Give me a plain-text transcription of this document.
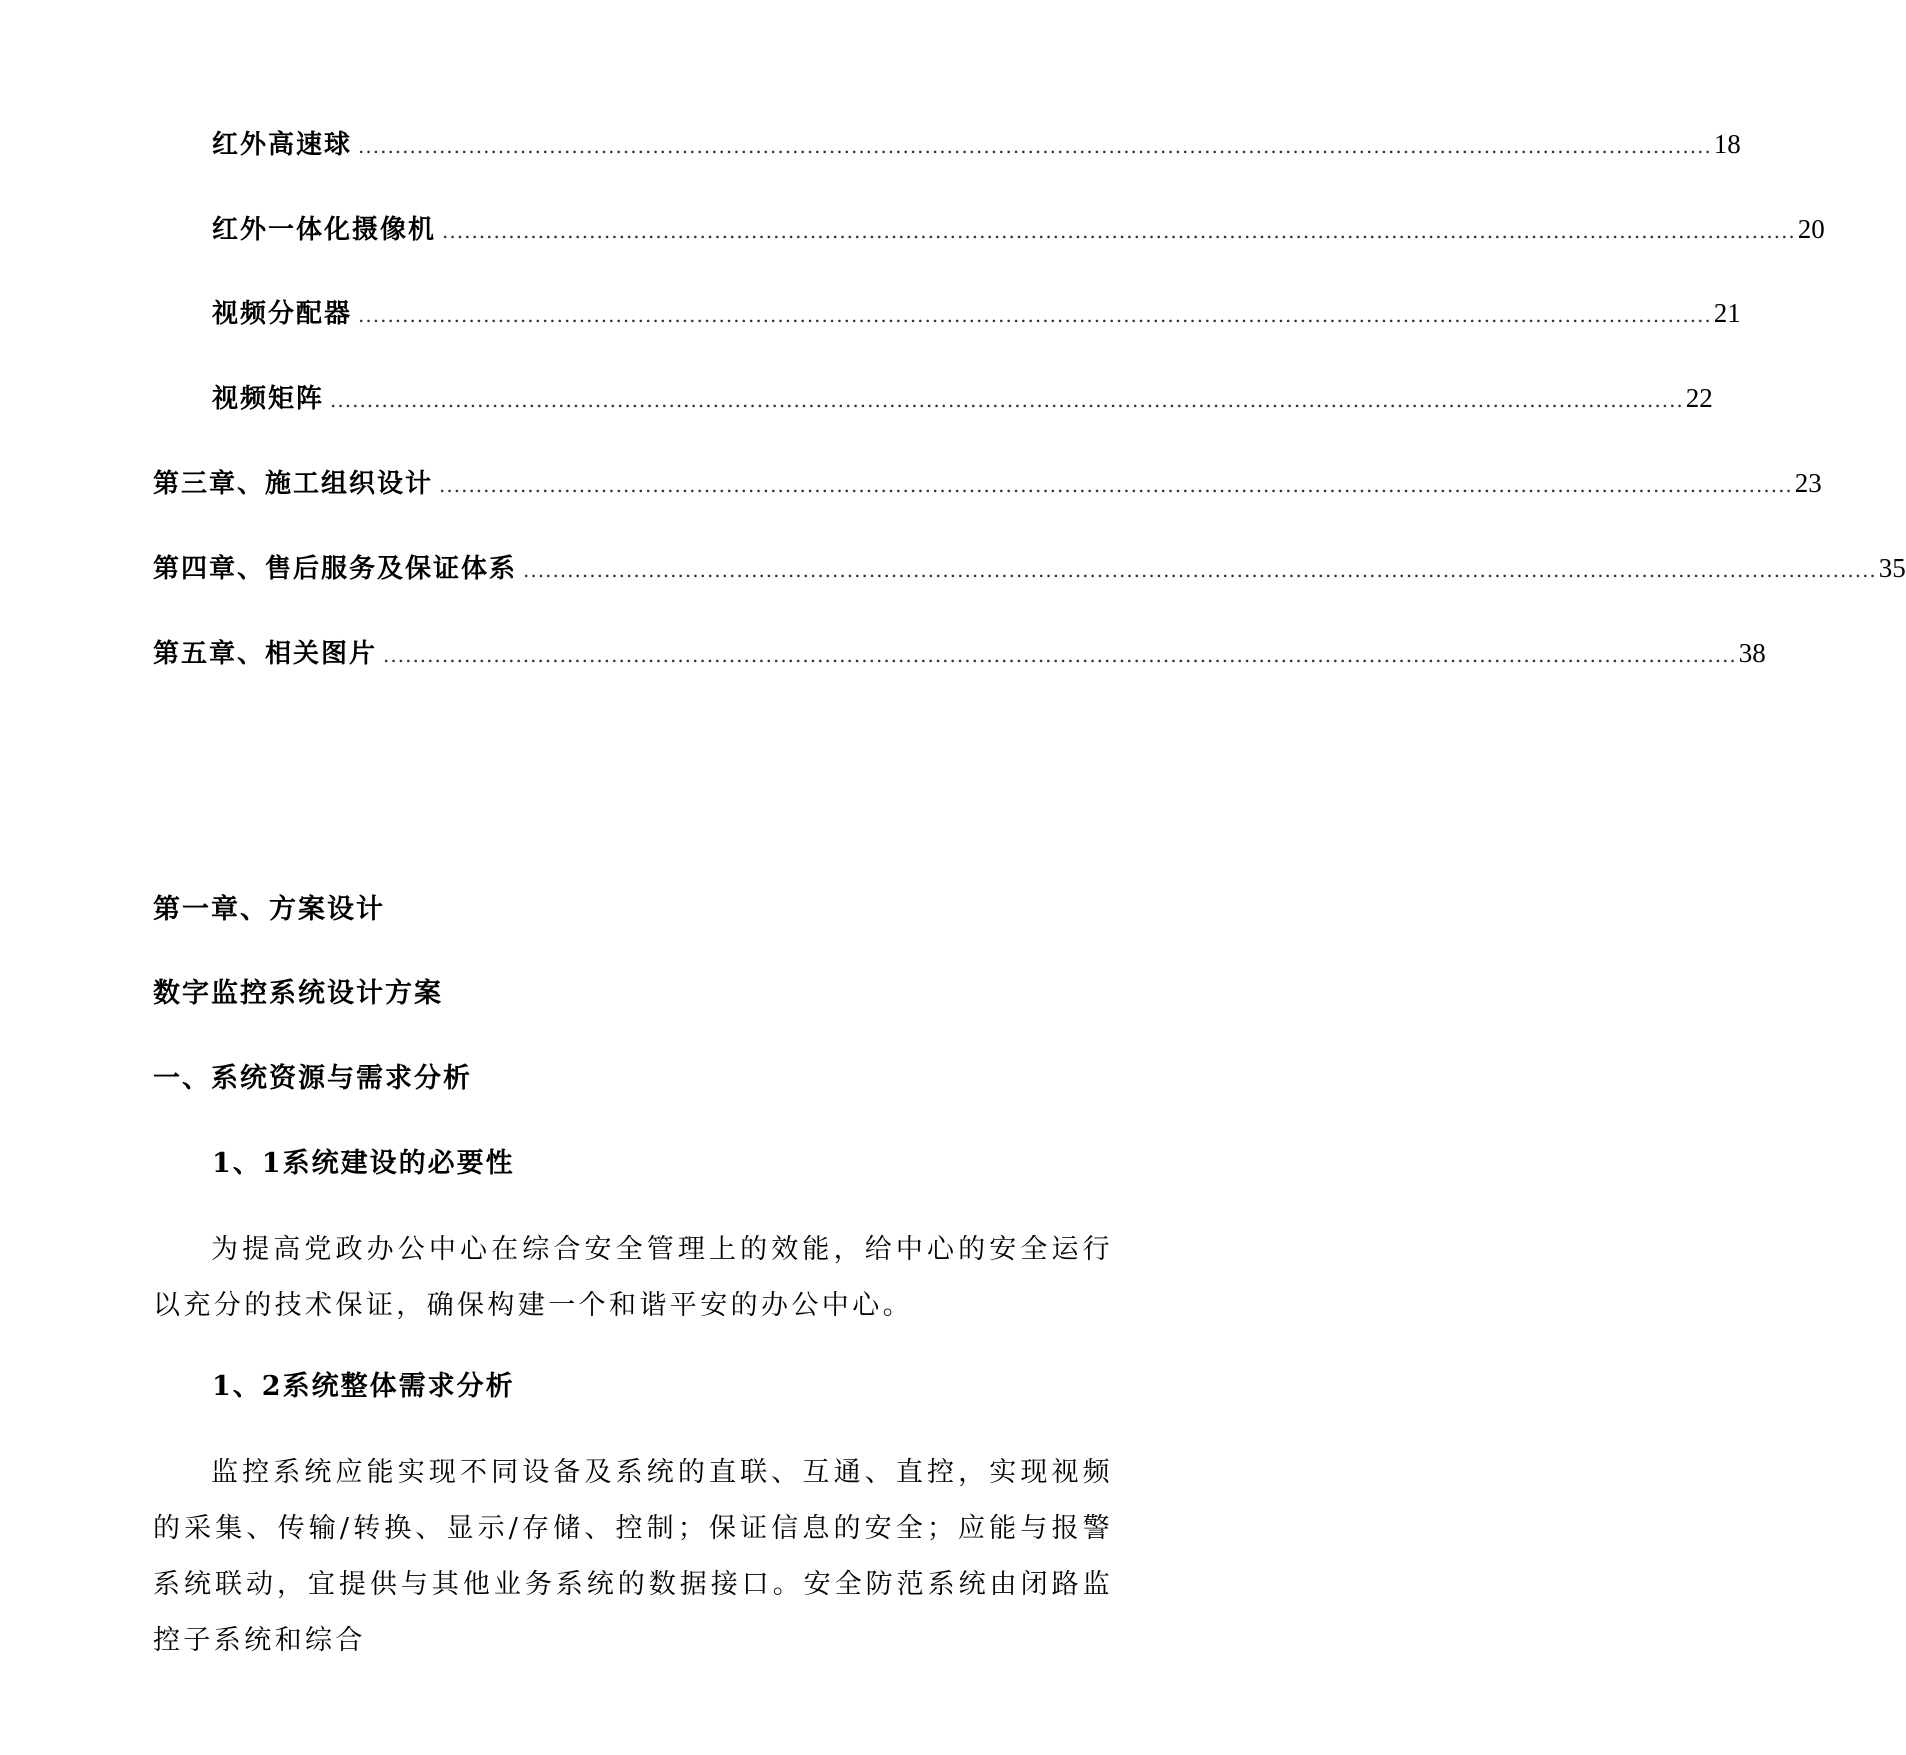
红外高速球 ........................................................................................................................................................................................ 18
红外一体化摄像机 ........................................................................................................................................................................................ 20
视频分配器 ........................................................................................................................................................................................ 21
视频矩阵 ........................................................................................................................................................................................ 22
第三章、施工组织设计 ........................................................................................................................................................................................ 23
第四章、售后服务及保证体系 ........................................................................................................................................................................................ 35
第五章、相关图片 ........................................................................................................................................................................................ 38
第一章、方案设计
数字监控系统设计方案
一、系统资源与需求分析
1、1系统建设的必要性
为提高党政办公中心在综合安全管理上的效能，给中心的安全运行以充分的技术保证，确保构建一个和谐平安的办公中心。
1、2系统整体需求分析
监控系统应能实现不同设备及系统的直联、互通、直控，实现视频的采集、传输/转换、显示/存储、控制；保证信息的安全；应能与报警系统联动，宜提供与其他业务系统的数据接口。安全防范系统由闭路监控子系统和综合
